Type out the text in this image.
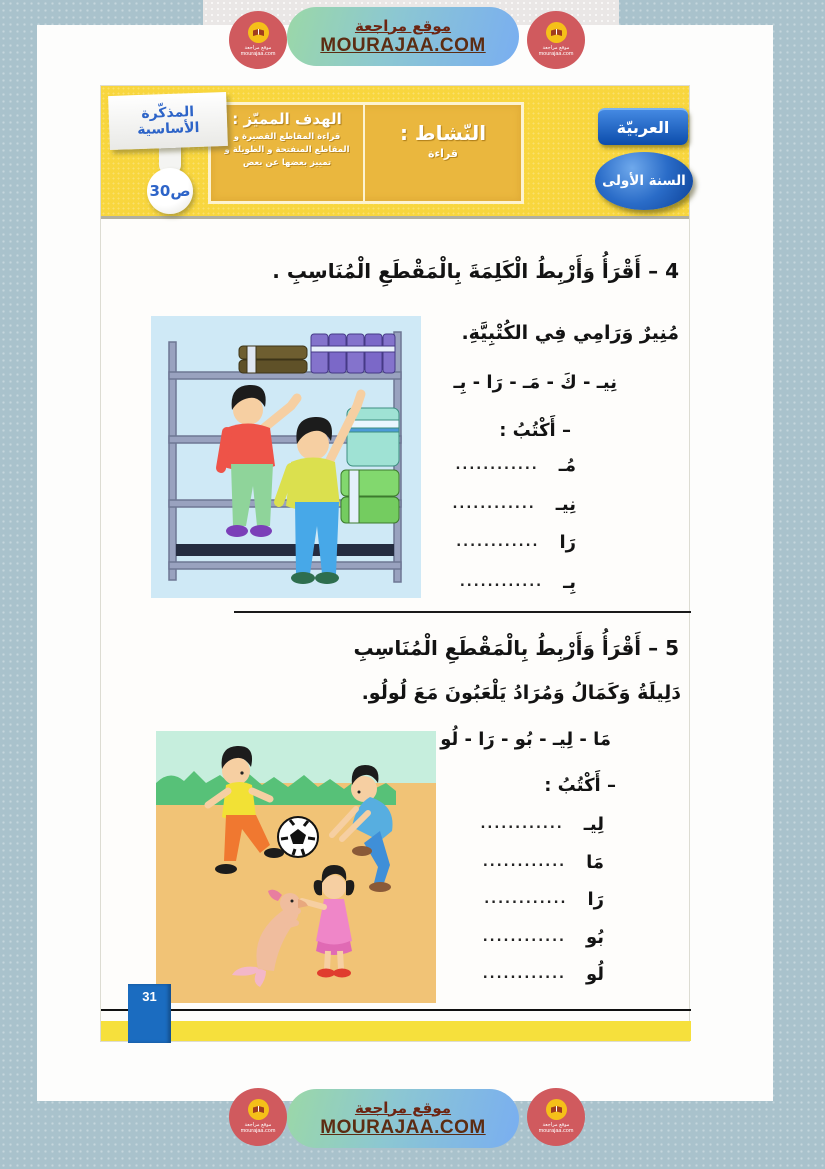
موقع مراجعة
mourajaa.com
موقع مراجعة
MOURAJAA.COM	موقع مراجعة
mourajaa.com
المذكّرة الأساسية
ص30
النّشاط :
قراءة
الهدف المميّز :
قراءة المقاطع القصيرة و المقاطع المنفتحة و الطويلة و تمييز بعضها عن بعض
العربيّة
السنة الأولى
4 – أَقْرَأُ وَأَرْبِطُ الْكَلِمَةَ بِالْمَقْطَعِ الْمُنَاسِبِ .
مُنِيرٌ وَرَامِي فِي الكُتْبِيَّةِ.
نِيـ - كَ - مَـ - رَا - بِـ
– أَكْتُبُ :
مُـ
............
نِيـ
............
رَا
............
بِـ
............
5 – أَقْرَأُ وَأَرْبِطُ بِالْمَقْطَعِ الْمُنَاسِبِ
دَلِيلَةُ وَكَمَالُ وَمُرَادُ يَلْعَبُونَ مَعَ لُولُو.
مَا - لِيـ - بُو - رَا - لُو
– أَكْتُبُ :
لِيـ
............
مَا
............
رَا
............
بُو
............
لُو
............
31
موقع مراجعة
mourajaa.com
موقع مراجعة
MOURAJAA.COM	موقع مراجعة
mourajaa.com
